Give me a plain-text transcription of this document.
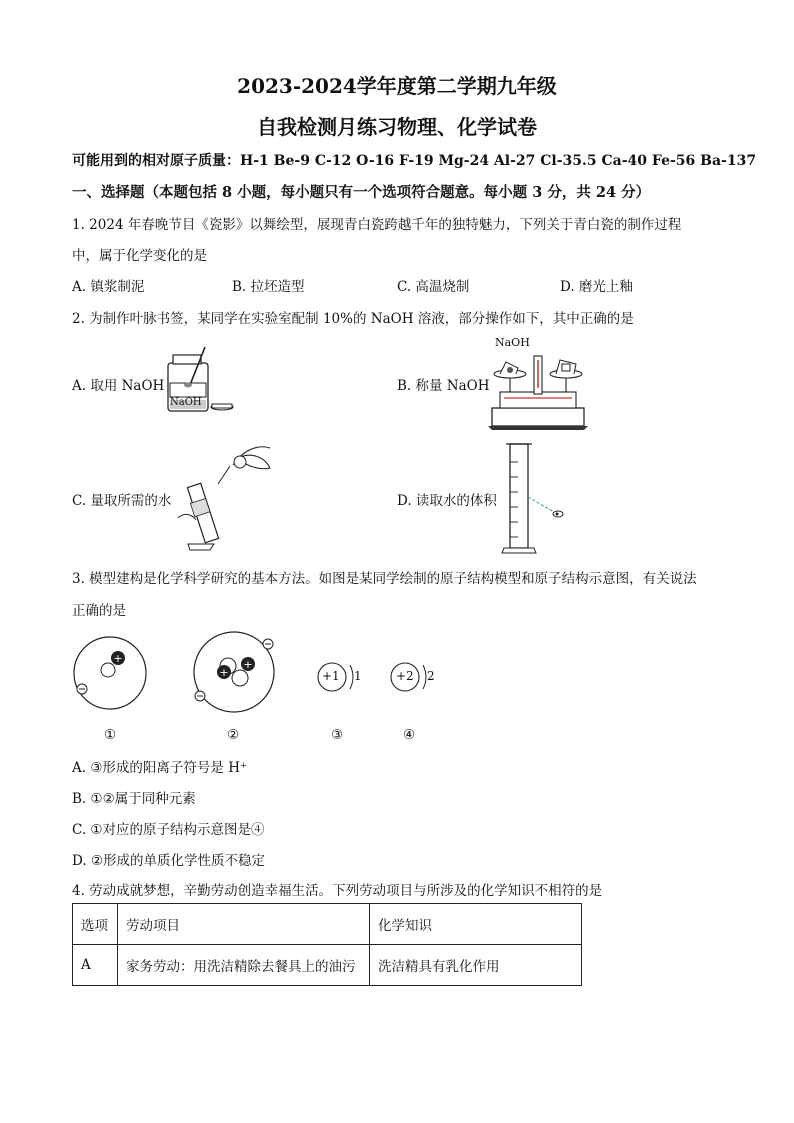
2023-2024学年度第二学期九年级
自我检测月练习物理、化学试卷
可能用到的相对原子质量：H-1 Be-9 C-12 O-16 F-19 Mg-24 Al-27 Cl-35.5 Ca-40 Fe-56 Ba-137
一、选择题（本题包括 8 小题，每小题只有一个选项符合题意。每小题 3 分，共 24 分）
1. 2024 年春晚节目《瓷影》以舞绘型，展现青白瓷跨越千年的独特魅力，下列关于青白瓷的制作过程
中，属于化学变化的是
A. 镇浆制泥	B. 拉坯造型	C. 高温烧制	D. 磨光上釉
2. 为制作叶脉书签，某同学在实验室配制 10%的 NaOH 溶液，部分操作如下，其中正确的是
A. 取用 NaOH	B. 称量 NaOH
C. 量取所需的水	D. 读取水的体积
NaOH
NaOH
3. 模型建构是化学科学研究的基本方法。如图是某同学绘制的原子结构模型和原子结构示意图，有关说法
正确的是
+
+
+
+1 1	+2 2
①	②	③	④
A. ③形成的阳离子符号是 H⁺
B. ①②属于同种元素
C. ①对应的原子结构示意图是④
D. ②形成的单质化学性质不稳定
4. 劳动成就梦想，辛勤劳动创造幸福生活。下列劳动项目与所涉及的化学知识不相符的是
选项	劳动项目	化学知识
A	家务劳动：用洗洁精除去餐具上的油污	洗洁精具有乳化作用
